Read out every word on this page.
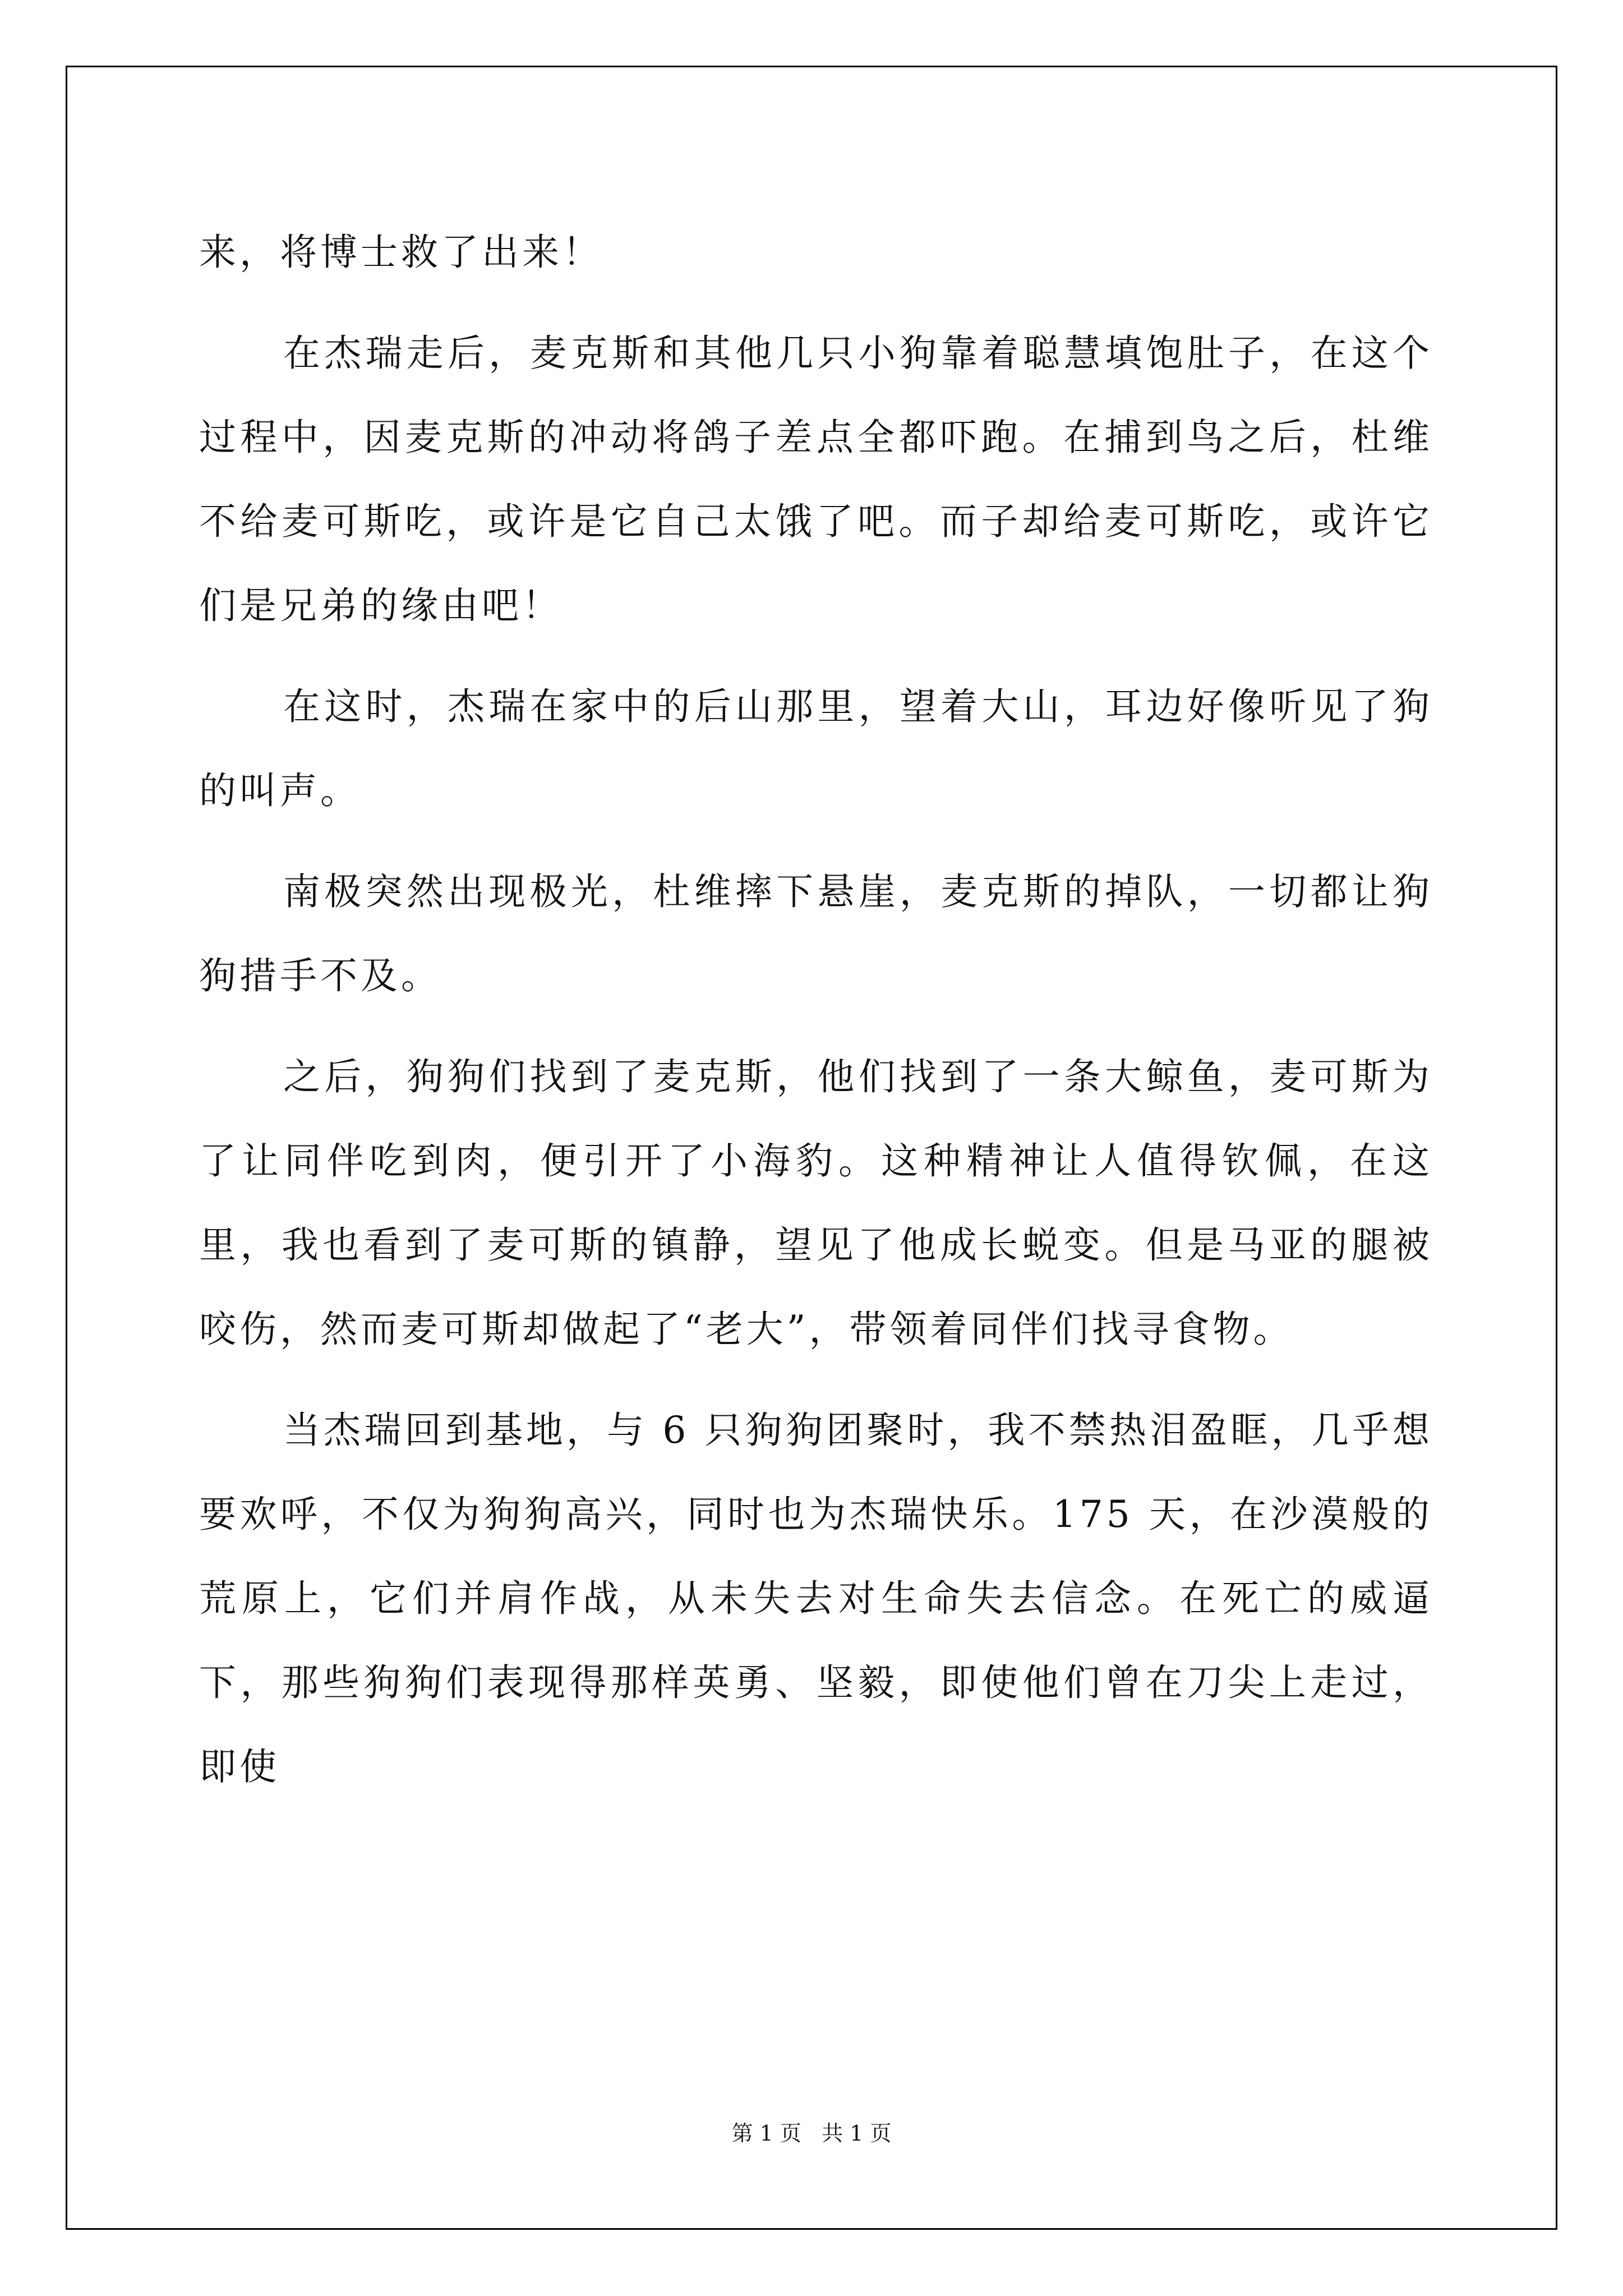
来，将博士救了出来！

在杰瑞走后，麦克斯和其他几只小狗靠着聪慧填饱肚子，在这个过程中，因麦克斯的冲动将鸽子差点全都吓跑。在捕到鸟之后，杜维不给麦可斯吃，或许是它自己太饿了吧。而子却给麦可斯吃，或许它们是兄弟的缘由吧！

在这时，杰瑞在家中的后山那里，望着大山，耳边好像听见了狗的叫声。

南极突然出现极光，杜维摔下悬崖，麦克斯的掉队，一切都让狗狗措手不及。

之后，狗狗们找到了麦克斯，他们找到了一条大鲸鱼，麦可斯为了让同伴吃到肉，便引开了小海豹。这种精神让人值得钦佩，在这里，我也看到了麦可斯的镇静，望见了他成长蜕变。但是马亚的腿被咬伤，然而麦可斯却做起了“老大”，带领着同伴们找寻食物。

当杰瑞回到基地，与 6 只狗狗团聚时，我不禁热泪盈眶，几乎想要欢呼，不仅为狗狗高兴，同时也为杰瑞快乐。175 天，在沙漠般的荒原上，它们并肩作战，从未失去对生命失去信念。在死亡的威逼下，那些狗狗们表现得那样英勇、坚毅，即使他们曾在刀尖上走过，即使

第 1 页 共 1 页
